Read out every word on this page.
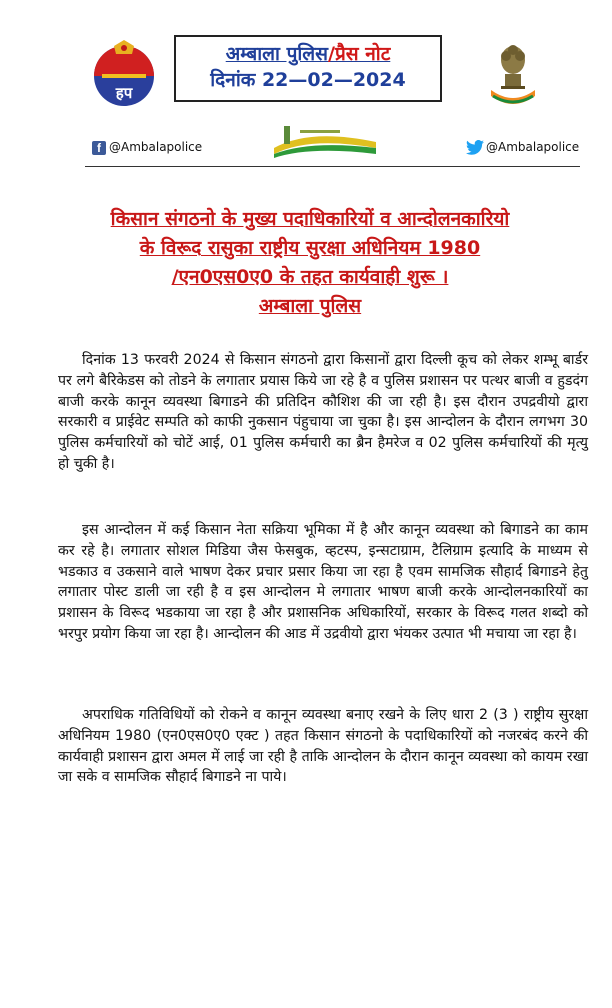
हप
अम्बाला पुलिस/प्रैस नोट
दिनांक 22—02—2024
f @Ambalapolice	@Ambalapolice
किसान संगठनो के मुख्य पदाधिकारियों व आन्दोलनकारियो
के विरूद रासुका राष्ट्रीय सुरक्षा अधिनियम 1980
/एन0एस0ए0 के तहत कार्यवाही शुरू ।
अम्बाला पुलिस
दिनांक 13 फरवरी 2024 से किसान संगठनो द्वारा किसानों द्वारा दिल्ली कूच को लेकर शम्भू बार्डर पर लगे बैरिकेडस को तोडने के लगातार प्रयास किये जा रहे है व पुलिस प्रशासन पर पत्थर बाजी व हुडदंग बाजी करके कानून व्यवस्था बिगाडने की प्रतिदिन कौशिश की जा रही है। इस दौरान उपद्रवीयो द्वारा सरकारी व प्राईवेट सम्पति को काफी नुकसान पंहुचाया जा चुका है। इस आन्दोलन के दौरान लगभग 30 पुलिस कर्मचारियों को चोटें आई, 01 पुलिस कर्मचारी का ब्रैन हैमरेज व 02 पुलिस कर्मचारियों की मृत्यु हो चुकी है।
इस आन्दोलन में कई किसान नेता सक्रिया भूमिका में है और कानून व्यवस्था को बिगाडने का काम कर रहे है। लगातार सोशल मिडिया जैस फेसबुक, व्हटस्प, इन्सटाग्राम, टैलिग्राम इत्यादि के माध्यम से भडकाउ व उकसाने वाले भाषण देकर प्रचार प्रसार किया जा रहा है एवम सामजिक सौहार्द बिगाडने हेतु लगातार पोस्ट डाली जा रही है व इस आन्दोलन मे लगातार भाषण बाजी करके आन्दोलनकारियों का प्रशासन के विरूद भडकाया जा रहा है और प्रशासनिक अधिकारियों, सरकार के विरूद गलत शब्दो को भरपुर प्रयोग किया जा रहा है। आन्दोलन की आड में उद्रवीयो द्वारा भंयकर उत्पात भी मचाया जा रहा है।
अपराधिक गतिविधियों को रोकने व कानून व्यवस्था बनाए रखने के लिए धारा 2 (3 ) राष्ट्रीय सुरक्षा अधिनियम 1980 (एन0एस0ए0 एक्ट ) तहत किसान संगठनो के पदाधिकारियों को नजरबंद करने की कार्यवाही प्रशासन द्वारा अमल में लाई जा रही है ताकि आन्दोलन के दौरान कानून व्यवस्था को कायम रखा जा सके व सामजिक सौहार्द बिगाडने ना पाये।
